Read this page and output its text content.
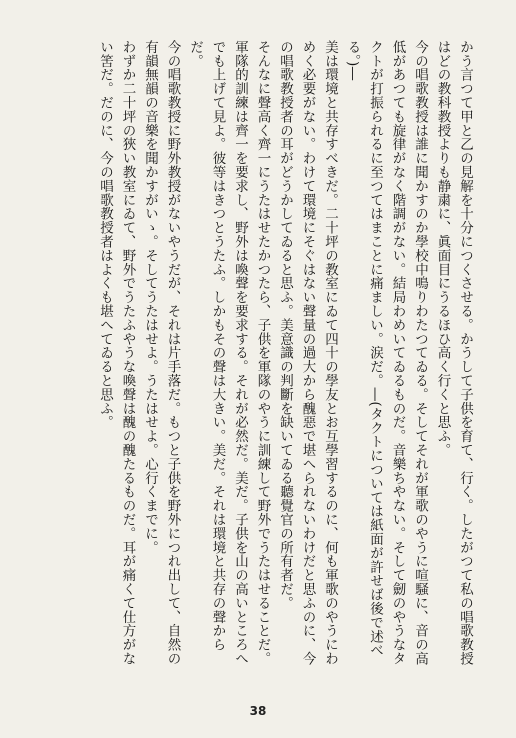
かう言つて甲と乙の見解を十分につくさせる。かうして子供を育て、行く。したがつて私の唱歌教授はどの教科教授よりも静粛に、眞面目にうるほひ高く行くと思ふ。

今の唱歌教授は誰に聞かすのか學校中鳴りわたつてゐる。そしてそれが軍歌のやうに喧騒に、音の高低があつても旋律がなく階調がない。結局わめいてゐるものだ。音樂ちやない。そして劒のやうなタクトが打振られるに至つてはまことに痛ましい。涙だ。―(タクトについては紙面が許せば後で述べる。)―

美は環境と共存すべきだ。二十坪の教室にゐて四十の學友とお互學習するのに、何も軍歌のやうにわめく必要がない。わけて環境にそぐはない聲量の過大から醜惡で堪へられないわけだと思ふのに、今の唱歌教授者の耳がどうかしてゐると思ふ。美意識の判斷を缺いてゐる聽覺官の所有者だ。

そんなに聲高く齊一にうたはせたかつたら、子供を軍隊のやうに訓練して野外でうたはせることだ。軍隊的訓練は齊一を要求し、野外は喚聲を要求する。それが必然だ。美だ。子供を山の高いところへでも上げて見よ。彼等はきつとうたふ。しかもその聲は大きい。美だ。それは環境と共存の聲からだ。

今の唱歌教授に野外教授がないやうだが、それは片手落だ。もつと子供を野外につれ出して、自然の有韻無韻の音樂を聞かすがいゝ。そしてうたはせよ。うたはせよ。心行くまでに。

わずか二十坪の狹い教室にゐて、野外でうたふやうな喚聲は醜の醜たるものだ。耳が痛くて仕方がない筈だ。だのに、今の唱歌教授者はよくも堪へてゐると思ふ。

38
